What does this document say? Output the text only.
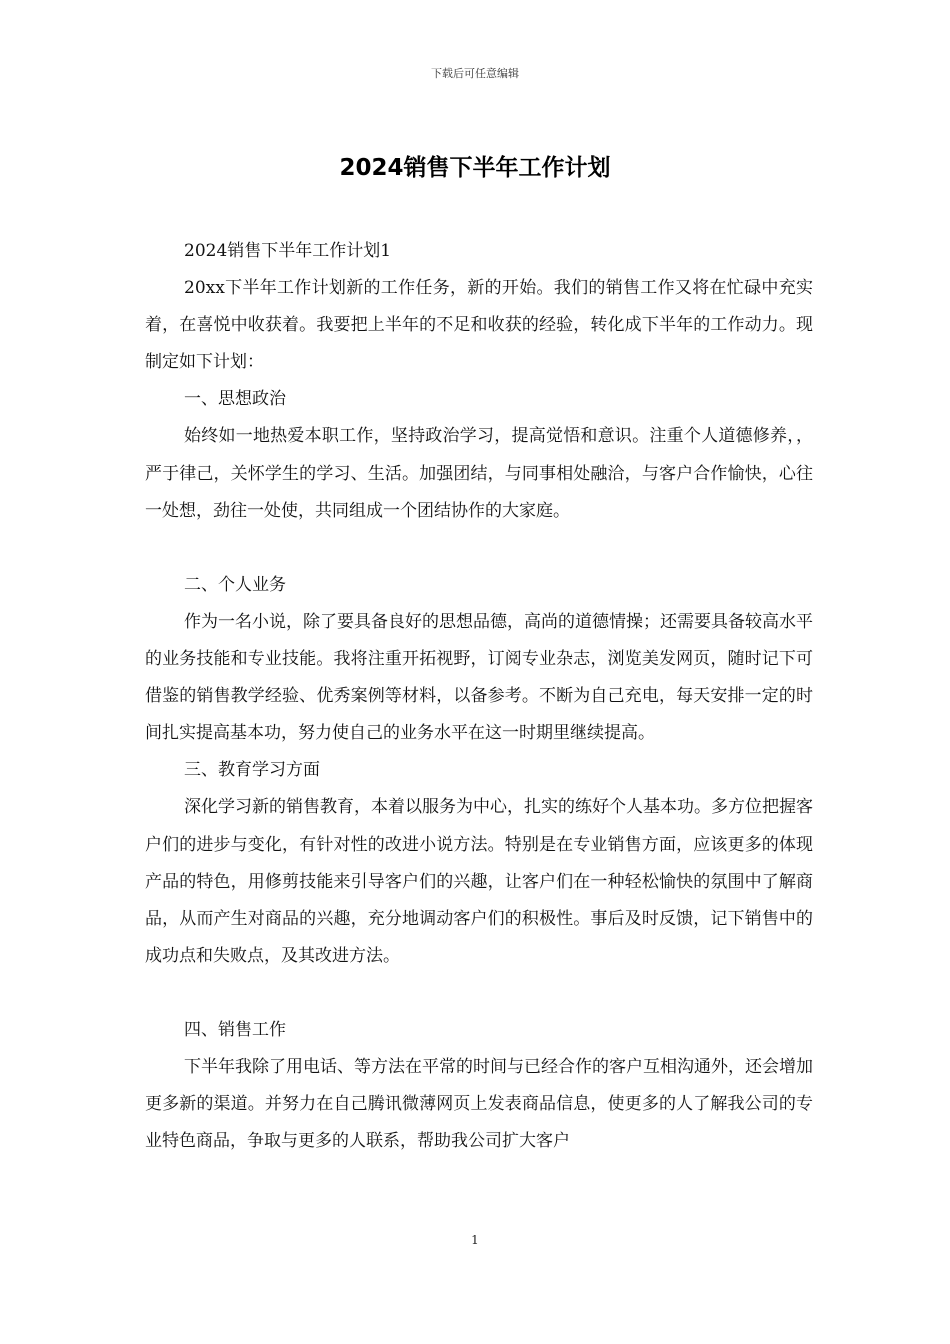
下载后可任意编辑
2024销售下半年工作计划

2024销售下半年工作计划1

20xx下半年工作计划新的工作任务，新的开始。我们的销售工作又将在忙碌中充实着，在喜悦中收获着。我要把上半年的不足和收获的经验，转化成下半年的工作动力。现制定如下计划：

一、思想政治

始终如一地热爱本职工作，坚持政治学习，提高觉悟和意识。注重个人道德修养，，严于律己，关怀学生的学习、生活。加强团结，与同事相处融洽，与客户合作愉快，心往一处想，劲往一处使，共同组成一个团结协作的大家庭。

二、个人业务

作为一名小说，除了要具备良好的思想品德，高尚的道德情操；还需要具备较高水平的业务技能和专业技能。我将注重开拓视野，订阅专业杂志，浏览美发网页，随时记下可借鉴的销售教学经验、优秀案例等材料，以备参考。不断为自己充电，每天安排一定的时间扎实提高基本功，努力使自己的业务水平在这一时期里继续提高。

三、教育学习方面

深化学习新的销售教育，本着以服务为中心，扎实的练好个人基本功。多方位把握客户们的进步与变化，有针对性的改进小说方法。特别是在专业销售方面，应该更多的体现产品的特色，用修剪技能来引导客户们的兴趣，让客户们在一种轻松愉快的氛围中了解商品，从而产生对商品的兴趣，充分地调动客户们的积极性。事后及时反馈，记下销售中的成功点和失败点，及其改进方法。

四、销售工作

下半年我除了用电话、等方法在平常的时间与已经合作的客户互相沟通外，还会增加更多新的渠道。并努力在自己腾讯微薄网页上发表商品信息，使更多的人了解我公司的专业特色商品，争取与更多的人联系，帮助我公司扩大客户

1
